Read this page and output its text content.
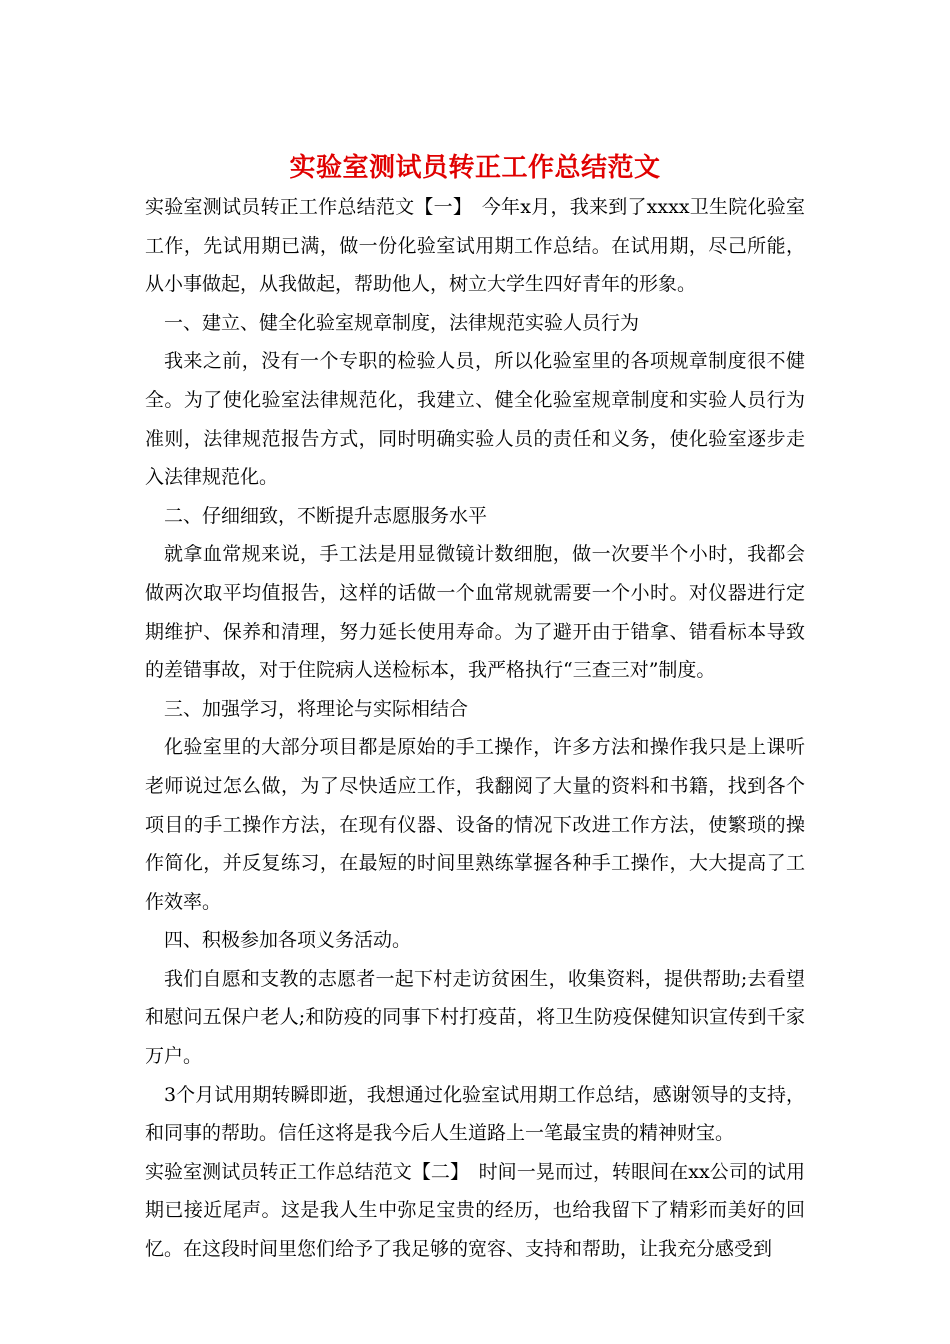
实验室测试员转正工作总结范文

实验室测试员转正工作总结范文【一】　今年x月，我来到了xxxx卫生院化验室工作，先试用期已满，做一份化验室试用期工作总结。在试用期，尽己所能，从小事做起，从我做起，帮助他人，树立大学生四好青年的形象。

一、建立、健全化验室规章制度，法律规范实验人员行为

我来之前，没有一个专职的检验人员，所以化验室里的各项规章制度很不健全。为了使化验室法律规范化，我建立、健全化验室规章制度和实验人员行为准则，法律规范报告方式，同时明确实验人员的责任和义务，使化验室逐步走入法律规范化。

二、仔细细致，不断提升志愿服务水平

就拿血常规来说，手工法是用显微镜计数细胞，做一次要半个小时，我都会做两次取平均值报告，这样的话做一个血常规就需要一个小时。对仪器进行定期维护、保养和清理，努力延长使用寿命。为了避开由于错拿、错看标本导致的差错事故，对于住院病人送检标本，我严格执行“三查三对”制度。

三、加强学习，将理论与实际相结合

化验室里的大部分项目都是原始的手工操作，许多方法和操作我只是上课听老师说过怎么做，为了尽快适应工作，我翻阅了大量的资料和书籍，找到各个项目的手工操作方法，在现有仪器、设备的情况下改进工作方法，使繁琐的操作简化，并反复练习，在最短的时间里熟练掌握各种手工操作，大大提高了工作效率。

四、积极参加各项义务活动。

我们自愿和支教的志愿者一起下村走访贫困生，收集资料，提供帮助;去看望和慰问五保户老人;和防疫的同事下村打疫苗，将卫生防疫保健知识宣传到千家万户。

3个月试用期转瞬即逝，我想通过化验室试用期工作总结，感谢领导的支持，和同事的帮助。信任这将是我今后人生道路上一笔最宝贵的精神财宝。

实验室测试员转正工作总结范文【二】　时间一晃而过，转眼间在xx公司的试用期已接近尾声。这是我人生中弥足宝贵的经历，也给我留下了精彩而美好的回忆。在这段时间里您们给予了我足够的宽容、支持和帮助，让我充分感受到
